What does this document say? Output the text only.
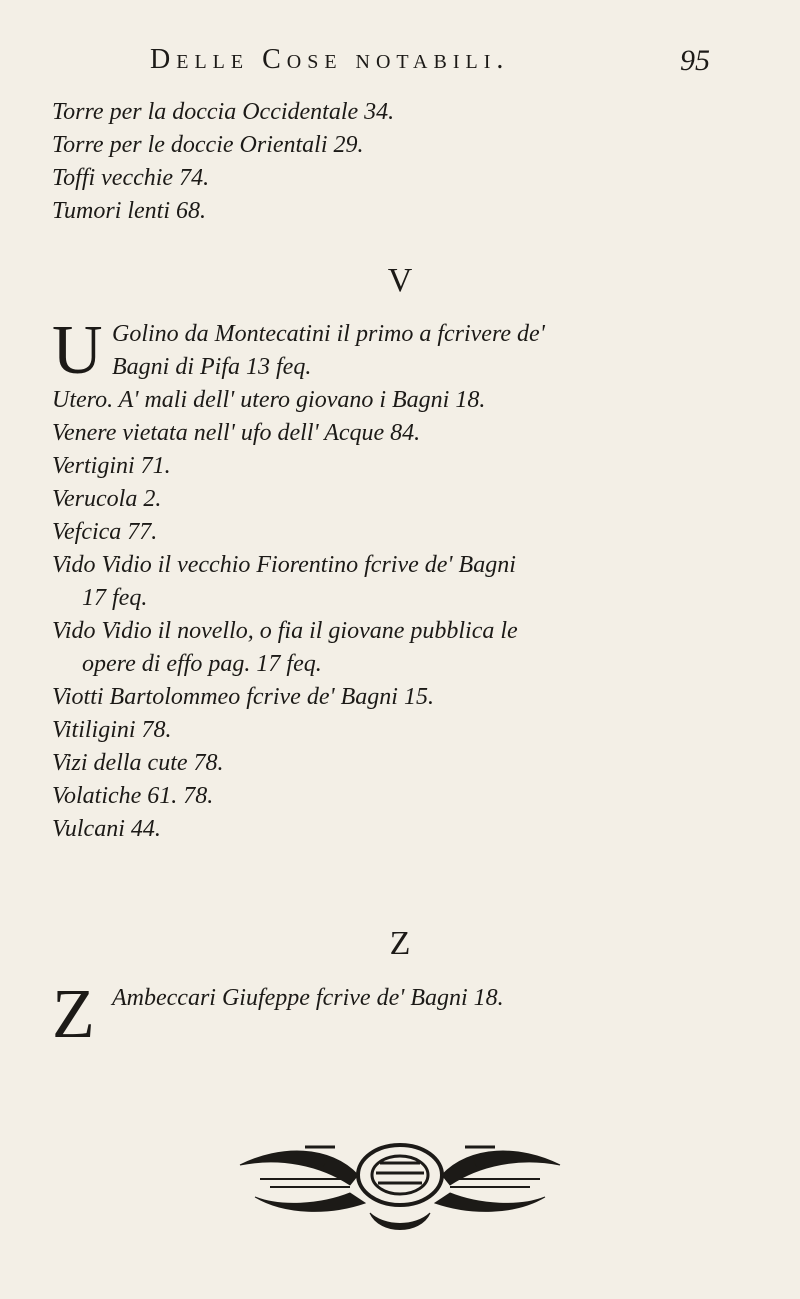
Delle Cose notabili.	95

Torre per la doccia Occidentale 34.

Torre per le doccie Orientali 29.

Toffi vecchie 74.

Tumori lenti 68.

V
U Golino da Montecatini il primo a fcrivere de'

Bagni di Pifa 13 feq.

Utero. A' mali dell' utero giovano i Bagni 18.

Venere vietata nell' ufo dell' Acque 84.

Vertigini 71.

Verucola 2.

Vefcica 77.

Vido Vidio il vecchio Fiorentino fcrive de' Bagni

17 feq.

Vido Vidio il novello, o fia il giovane pubblica le

opere di effo pag. 17 feq.

Viotti Bartolommeo fcrive de' Bagni 15.

Vitiligini 78.

Vizi della cute 78.

Volatiche 61. 78.

Vulcani 44.

Z
Z Ambeccari Giufeppe fcrive de' Bagni 18.
